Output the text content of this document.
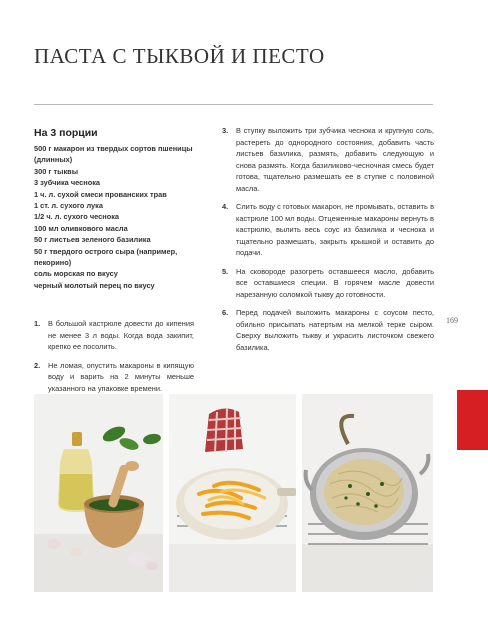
ПАСТА С ТЫКВОЙ И ПЕСТО
На 3 порции
500 г макарон из твердых сортов пшеницы
(длинных)
300 г тыквы
3 зубчика чеснока
1 ч. л. сухой смеси прованских трав
1 ст. л. сухого лука
1/2 ч. л. сухого чеснока
100 мл оливкового масла
50 г листьев зеленого базилика
50 г твердого острого сыра (например,
пекорино)
соль морская по вкусу
черный молотый перец по вкусу
1.	В большой кастрюле довести до кипения не менее 3 л воды. Когда вода закипит, крепко ее посолить.
2.	Не ломая, опустить макароны в кипящую воду и варить на 2 минуты меньше указанного на упаковке времени.
3.	В ступку выложить три зубчика чеснока и крупную соль, растереть до однородного состояния, добавить часть листьев базилика, размять, добавить следующую и снова размять. Когда базиликово-чесночная смесь будет готова, тщательно размешать ее в ступке с половиной масла.
4.	Слить воду с готовых макарон, не промывать, оставить в кастрюле 100 мл воды. Отцеженные макароны вернуть в кастрюлю, вылить весь соус из базилика и чеснока и тщательно размешать, закрыть крышкой и оставить до подачи.
5.	На сковороде разогреть оставшееся масло, добавить все оставшиеся специи. В горячем масле довести нарезанную соломкой тыкву до готовности.
6.	Перед подачей выложить макароны с соусом песто, обильно присыпать натертым на мелкой терке сыром. Сверху выложить тыкву и украсить листочком свежего базилика.
169
